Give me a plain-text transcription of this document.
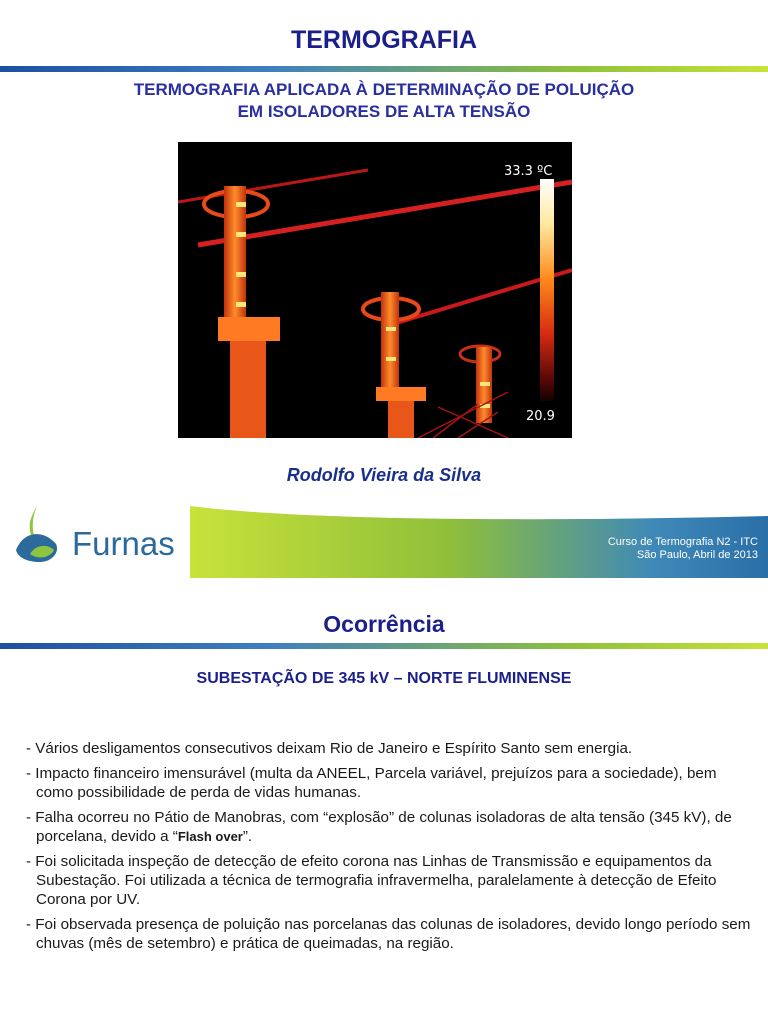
TERMOGRAFIA
TERMOGRAFIA APLICADA À DETERMINAÇÃO DE POLUIÇÃO
EM ISOLADORES DE ALTA TENSÃO
33.3 ºC
20.9
Rodolfo Vieira da Silva
Furnas	Curso de Termografia N2 - ITC
São Paulo, Abril de 2013
Ocorrência
SUBESTAÇÃO DE 345 kV – NORTE FLUMINENSE
- Vários desligamentos consecutivos deixam Rio de Janeiro e Espírito Santo sem energia.
- Impacto financeiro imensurável (multa da ANEEL, Parcela variável, prejuízos para a sociedade), bem como possibilidade de perda de vidas humanas.
- Falha ocorreu no Pátio de Manobras, com “explosão” de colunas isoladoras de alta tensão (345 kV), de porcelana, devido a “Flash over”.
- Foi solicitada inspeção de detecção de efeito corona nas Linhas de Transmissão e equipamentos da Subestação. Foi utilizada a técnica de termografia infravermelha, paralelamente à detecção de Efeito Corona por UV.
- Foi observada presença de poluição nas porcelanas das colunas de isoladores, devido longo período sem chuvas (mês de setembro) e prática de queimadas, na região.
